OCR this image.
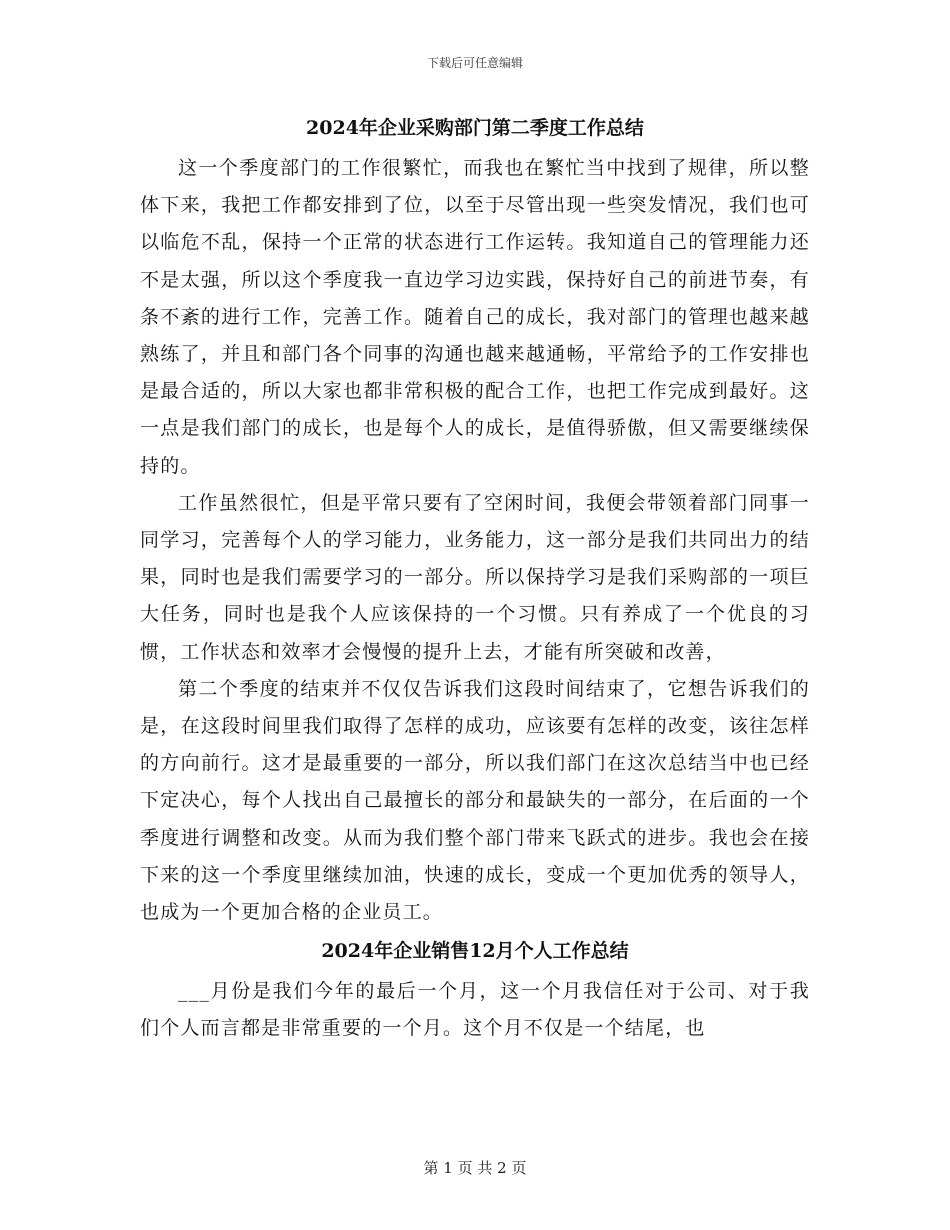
下载后可任意编辑
2024年企业采购部门第二季度工作总结

这一个季度部门的工作很繁忙，而我也在繁忙当中找到了规律，所以整体下来，我把工作都安排到了位，以至于尽管出现一些突发情况，我们也可以临危不乱，保持一个正常的状态进行工作运转。我知道自己的管理能力还不是太强，所以这个季度我一直边学习边实践，保持好自己的前进节奏，有条不紊的进行工作，完善工作。随着自己的成长，我对部门的管理也越来越熟练了，并且和部门各个同事的沟通也越来越通畅，平常给予的工作安排也是最合适的，所以大家也都非常积极的配合工作，也把工作完成到最好。这一点是我们部门的成长，也是每个人的成长，是值得骄傲，但又需要继续保持的。

工作虽然很忙，但是平常只要有了空闲时间，我便会带领着部门同事一同学习，完善每个人的学习能力，业务能力，这一部分是我们共同出力的结果，同时也是我们需要学习的一部分。所以保持学习是我们采购部的一项巨大任务，同时也是我个人应该保持的一个习惯。只有养成了一个优良的习惯，工作状态和效率才会慢慢的提升上去，才能有所突破和改善，

第二个季度的结束并不仅仅告诉我们这段时间结束了，它想告诉我们的是，在这段时间里我们取得了怎样的成功，应该要有怎样的改变，该往怎样的方向前行。这才是最重要的一部分，所以我们部门在这次总结当中也已经下定决心，每个人找出自己最擅长的部分和最缺失的一部分，在后面的一个季度进行调整和改变。从而为我们整个部门带来飞跃式的进步。我也会在接下来的这一个季度里继续加油，快速的成长，变成一个更加优秀的领导人，也成为一个更加合格的企业员工。

2024年企业销售12月个人工作总结

___月份是我们今年的最后一个月，这一个月我信任对于公司、对于我们个人而言都是非常重要的一个月。这个月不仅是一个结尾，也

第 1 页 共 2 页
